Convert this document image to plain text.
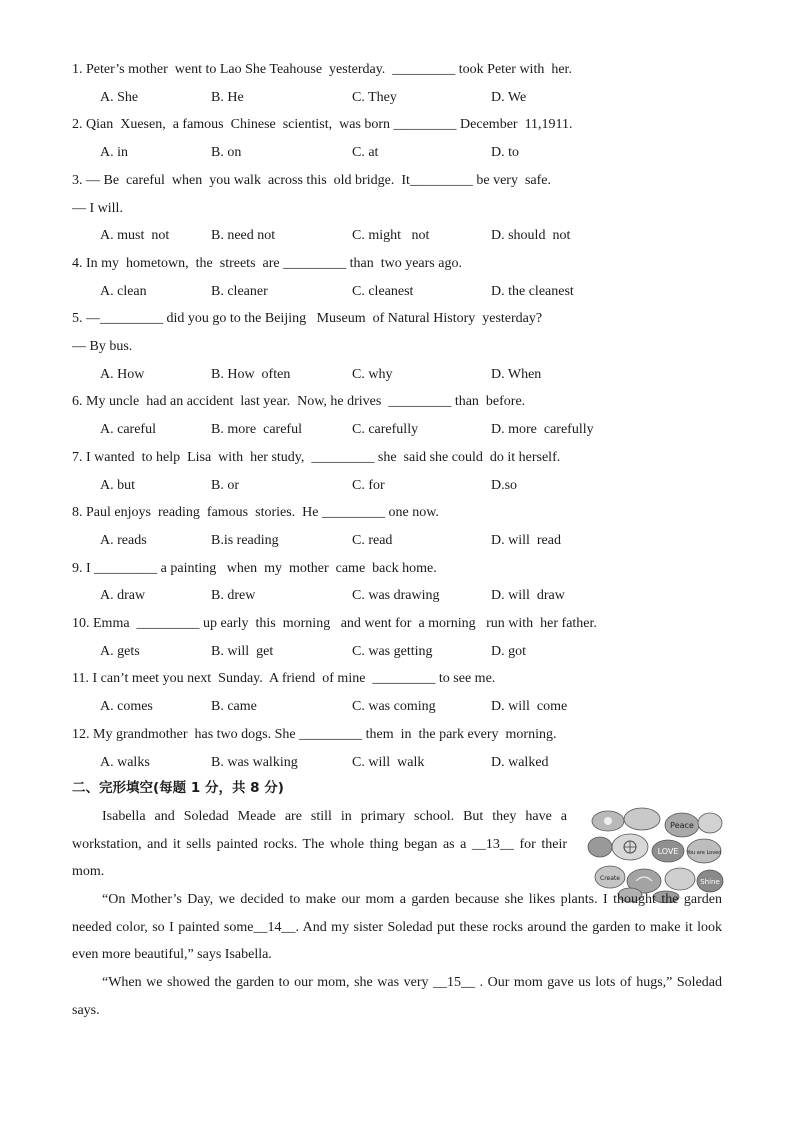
1. Peter’s mother  went to Lao She Teahouse  yesterday.  _________ took Peter with  her.
A. She	B. He	C. They	D. We
2. Qian  Xuesen,  a famous  Chinese  scientist,  was born _________ December  11,1911.
A. in	B. on	C. at	D. to
3. — Be  careful  when  you walk  across this  old bridge.  It_________ be very  safe.
— I will.
A. must  not	B. need not	C. might   not	D. should  not
4. In my  hometown,  the  streets  are _________ than  two years ago.
A. clean	B. cleaner	C. cleanest	D. the cleanest
5. —_________ did you go to the Beijing   Museum  of Natural History  yesterday?
— By bus.
A. How	B. How  often	C. why	D. When
6. My uncle  had an accident  last year.  Now, he drives  _________ than  before.
A. careful	B. more  careful	C. carefully	D. more  carefully
7. I wanted  to help  Lisa  with  her study,  _________ she  said she could  do it herself.
A. but	B. or	C. for	D.so
8. Paul enjoys  reading  famous  stories.  He _________ one now.
A. reads	B.is reading	C. read	D. will  read
9. I _________ a painting   when  my  mother  came  back home.
A. draw	B. drew	C. was drawing	D. will  draw
10. Emma  _________ up early  this  morning   and went for  a morning   run with  her father.
A. gets	B. will  get	C. was getting	D. got
11. I can’t meet you next  Sunday.  A friend  of mine  _________ to see me.
A. comes	B. came	C. was coming	D. will  come
12. My grandmother  has two dogs. She _________ them  in  the park every  morning.
A. walks	B. was walking	C. will  walk	D. walked
二、完形填空(每题 1 分，共 8 分)

Isabella and Soledad Meade are still in primary school. But they have a workstation, and it sells painted rocks. The whole thing began as a __13__ for their mom.

Peace
You are Loved
LOVE
Shine
Create

“On Mother’s Day, we decided to make our mom a garden because she likes plants. I thought the garden needed color, so I painted some__14__. And my sister Soledad put these rocks around the garden to make it look even more beautiful,” says Isabella.

“When we showed the garden to our mom, she was very __15__ . Our mom gave us lots of hugs,” Soledad says.
